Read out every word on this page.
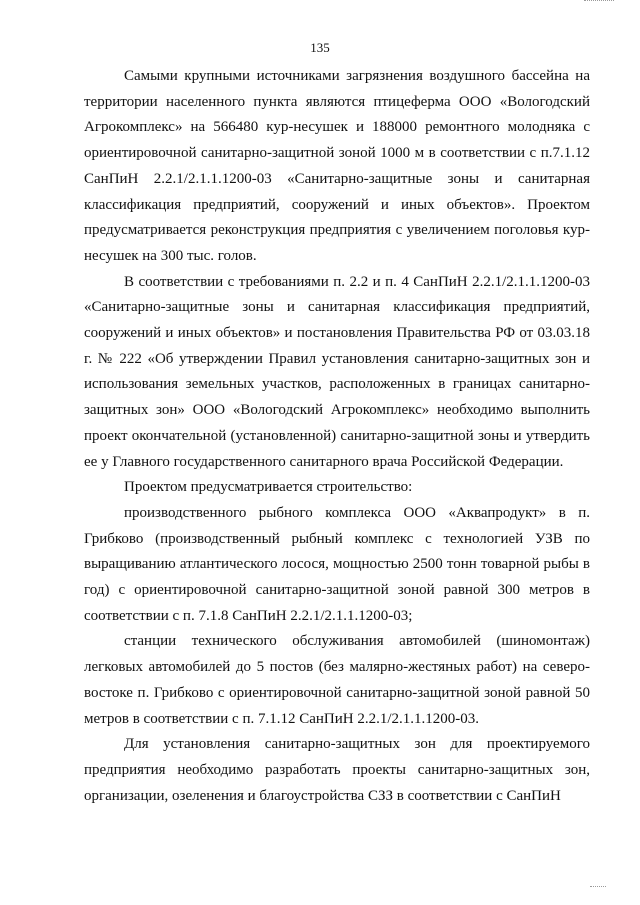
135

Самыми крупными источниками загрязнения воздушного бассейна на территории населенного пункта являются птицеферма ООО «Вологодский Агрокомплекс» на 566480 кур-несушек и 188000 ремонтного молодняка с ориентировочной санитарно-защитной зоной 1000 м в соответствии с п.7.1.12 СанПиН 2.2.1/2.1.1.1200-03 «Санитарно-защитные зоны и санитарная классификация предприятий, сооружений и иных объектов». Проектом предусматривается реконструкция предприятия с увеличением поголовья кур-несушек на 300 тыс. голов.

В соответствии с требованиями п. 2.2 и п. 4 СанПиН 2.2.1/2.1.1.1200-03 «Санитарно-защитные зоны и санитарная классификация предприятий, сооружений и иных объектов» и постановления Правительства РФ от 03.03.18 г. № 222 «Об утверждении Правил установления санитарно-защитных зон и использования земельных участков, расположенных в границах санитарно-защитных зон» ООО «Вологодский Агрокомплекс» необходимо выполнить проект окончательной (установленной) санитарно-защитной зоны и утвердить ее у Главного государственного санитарного врача Российской Федерации.

Проектом предусматривается строительство:

производственного рыбного комплекса ООО «Аквапродукт» в п. Грибково (производственный рыбный комплекс с технологией УЗВ по выращиванию атлантического лосося, мощностью 2500 тонн товарной рыбы в год) с ориентировочной санитарно-защитной зоной равной 300 метров в соответствии с п. 7.1.8 СанПиН 2.2.1/2.1.1.1200-03;

станции технического обслуживания автомобилей (шиномонтаж) легковых автомобилей до 5 постов (без малярно-жестяных работ) на северо-востоке п. Грибково с ориентировочной санитарно-защитной зоной равной 50 метров в соответствии с п. 7.1.12 СанПиН 2.2.1/2.1.1.1200-03.

Для установления санитарно-защитных зон для проектируемого предприятия необходимо разработать проекты санитарно-защитных зон, организации, озеленения и благоустройства СЗЗ в соответствии с СанПиН
